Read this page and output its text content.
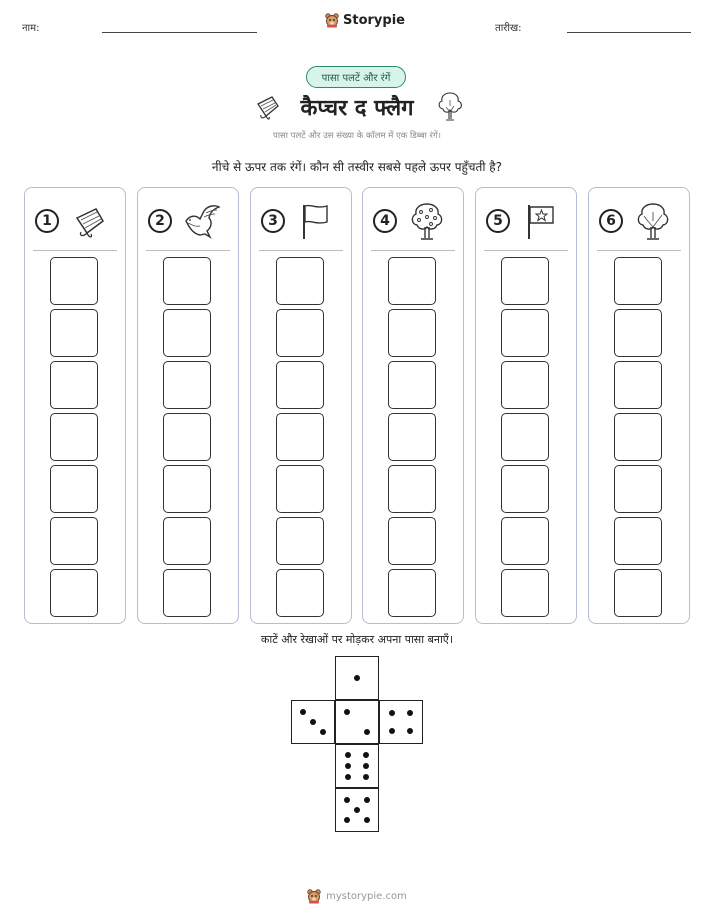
नाम:
Storypie
तारीख:
पासा पलटें और रंगें
कैप्चर द फ्लैग
पासा पलटें और उस संख्या के कॉलम में एक डिब्बा रंगें।
नीचे से ऊपर तक रंगें। कौन सी तस्वीर सबसे पहले ऊपर पहुँचती है?
1	2	3	4	5	6
काटें और रेखाओं पर मोड़कर अपना पासा बनाएँ।
mystorypie.com
